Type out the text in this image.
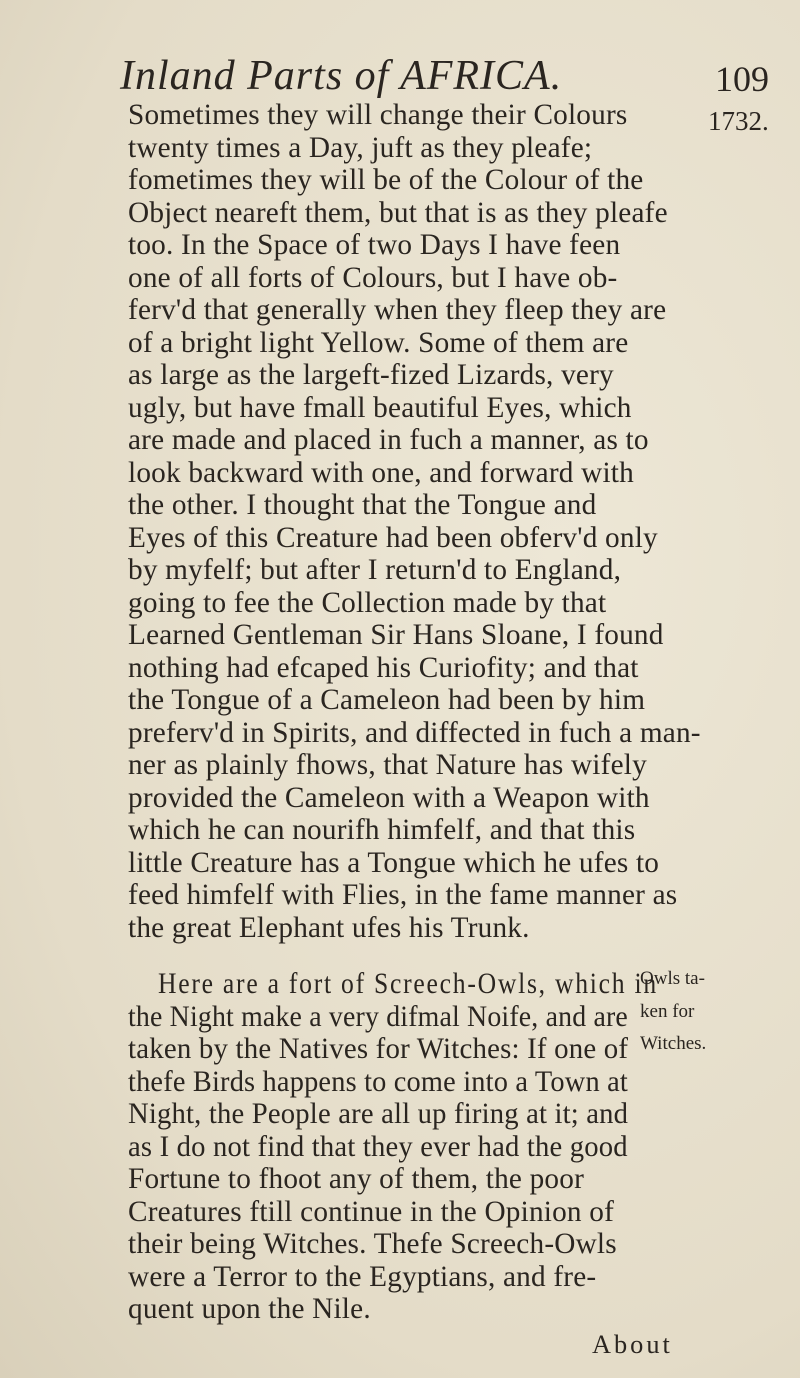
Inland Parts of AFRICA.	109
1732.
Sometimes they will change their Colours
twenty times a Day, juft as they pleafe;
fometimes they will be of the Colour of the
Object neareft them, but that is as they pleafe
too. In the Space of two Days I have feen
one of all forts of Colours, but I have ob-
ferv'd that generally when they fleep they are
of a bright light Yellow. Some of them are
as large as the largeft-fized Lizards, very
ugly, but have fmall beautiful Eyes, which
are made and placed in fuch a manner, as to
look backward with one, and forward with
the other. I thought that the Tongue and
Eyes of this Creature had been obferv'd only
by myfelf; but after I return'd to England,
going to fee the Collection made by that
Learned Gentleman Sir Hans Sloane, I found
nothing had efcaped his Curiofity; and that
the Tongue of a Cameleon had been by him
preferv'd in Spirits, and diffected in fuch a man-
ner as plainly fhows, that Nature has wifely
provided the Cameleon with a Weapon with
which he can nourifh himfelf, and that this
little Creature has a Tongue which he ufes to
feed himfelf with Flies, in the fame manner as
the great Elephant ufes his Trunk.
Here are a fort of Screech-Owls, which in
the Night make a very difmal Noife, and are
taken by the Natives for Witches: If one of
thefe Birds happens to come into a Town at
Night, the People are all up firing at it; and
as I do not find that they ever had the good
Fortune to fhoot any of them, the poor
Creatures ftill continue in the Opinion of
their being Witches. Thefe Screech-Owls
were a Terror to the Egyptians, and fre-
quent upon the Nile.
Owls ta-
ken for
Witches.
About
